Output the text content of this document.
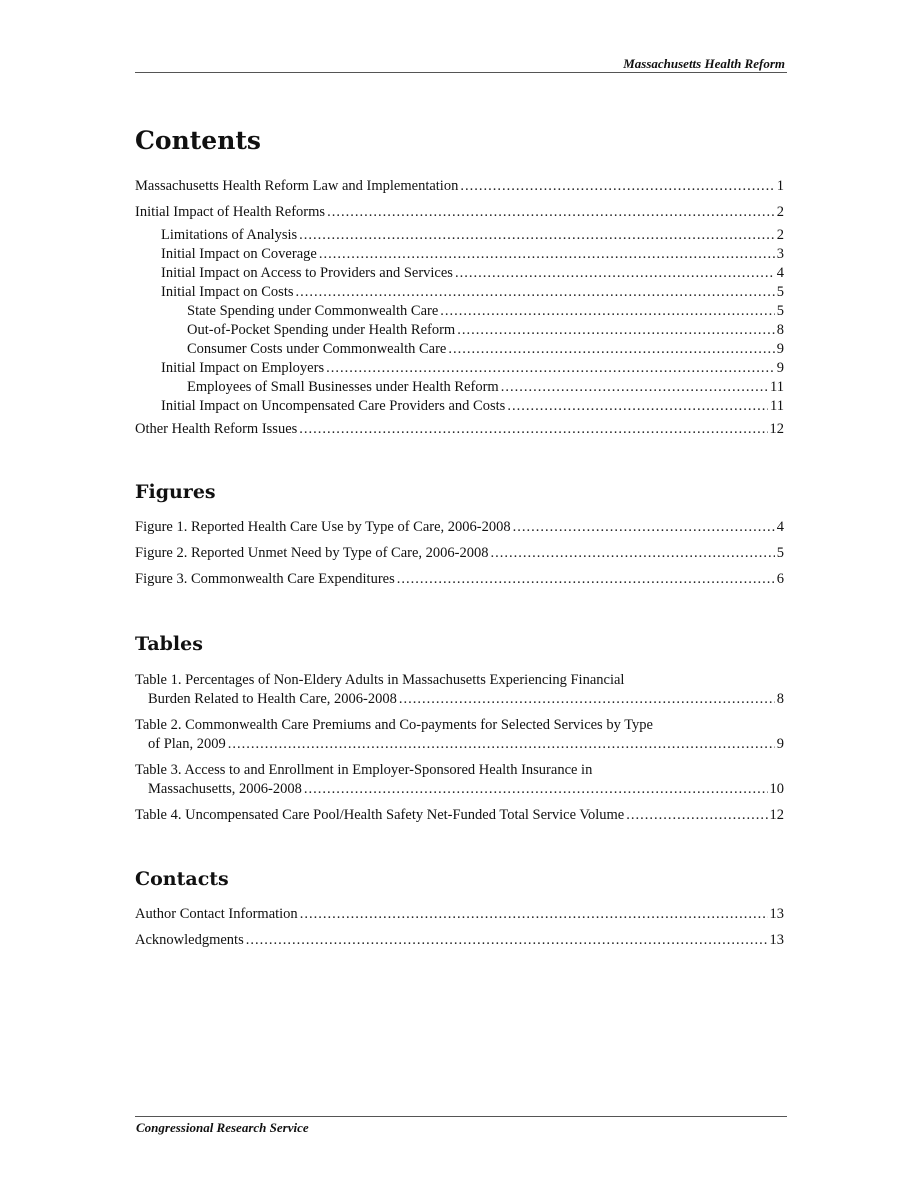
Massachusetts Health Reform
Contents
Massachusetts Health Reform Law and Implementation .....	1
Initial Impact of Health Reforms .....	2
Limitations of Analysis .....	2
Initial Impact on Coverage .....	3
Initial Impact on Access to Providers and Services .....	4
Initial Impact on Costs .....	5
State Spending under Commonwealth Care .....	5
Out-of-Pocket Spending under Health Reform .....	8
Consumer Costs under Commonwealth Care .....	9
Initial Impact on Employers .....	9
Employees of Small Businesses under Health Reform .....	11
Initial Impact on Uncompensated Care Providers and Costs .....	11
Other Health Reform Issues .....	12
Figures
Figure 1. Reported Health Care Use by Type of Care, 2006-2008 .....	4
Figure 2. Reported Unmet Need by Type of Care, 2006-2008 .....	5
Figure 3. Commonwealth Care Expenditures .....	6
Tables
Table 1. Percentages of Non-Eldery Adults in Massachusetts Experiencing Financial
Burden Related to Health Care, 2006-2008 .....	8
Table 2. Commonwealth Care Premiums and Co-payments for Selected Services by Type
of Plan, 2009 .....	9
Table 3. Access to and Enrollment in Employer-Sponsored Health Insurance in
Massachusetts, 2006-2008 .....	10
Table 4. Uncompensated Care Pool/Health Safety Net-Funded Total Service Volume .....	12
Contacts
Author Contact Information .....	13
Acknowledgments .....	13
Congressional Research Service
